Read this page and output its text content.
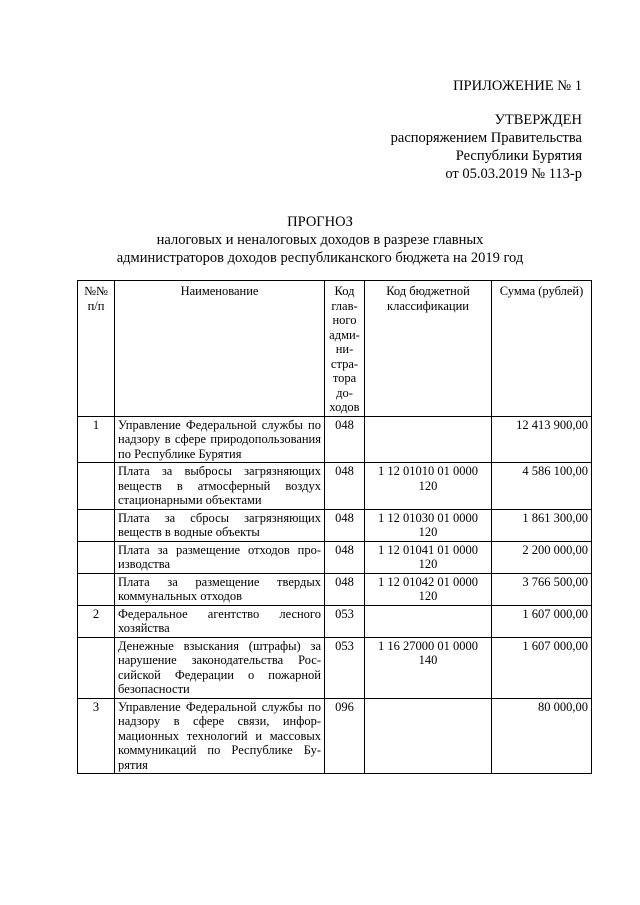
ПРИЛОЖЕНИЕ № 1
УТВЕРЖДЕН
распоряжением Правительства
Республики Бурятия
от 05.03.2019 № 113-р
ПРОГНОЗ
налоговых и неналоговых доходов в разрезе главных
администраторов доходов республиканского бюджета на 2019 год
№№ п/п	Наименование	Код главного администратора доходов	Код бюджетной классификации	Сумма (рублей)
1	Управление Федеральной службы по надзору в сфере природопользования по Республике Бурятия	048		12 413 900,00
	Плата за выбросы загрязняющих веществ в атмосферный воздух стационарными объектами	048	1 12 01010 01 0000 120	4 586 100,00
	Плата за сбросы загрязняющих веществ в водные объекты	048	1 12 01030 01 0000 120	1 861 300,00
	Плата за размещение отходов производства	048	1 12 01041 01 0000 120	2 200 000,00
	Плата за размещение твердых коммунальных отходов	048	1 12 01042 01 0000 120	3 766 500,00
2	Федеральное агентство лесного хозяйства	053		1 607 000,00
	Денежные взыскания (штрафы) за нарушение законодательства Российской Федерации о пожарной безопасности	053	1 16 27000 01 0000 140	1 607 000,00
3	Управление Федеральной службы по надзору в сфере связи, информационных технологий и массовых коммуникаций по Республике Бурятия	096		80 000,00
